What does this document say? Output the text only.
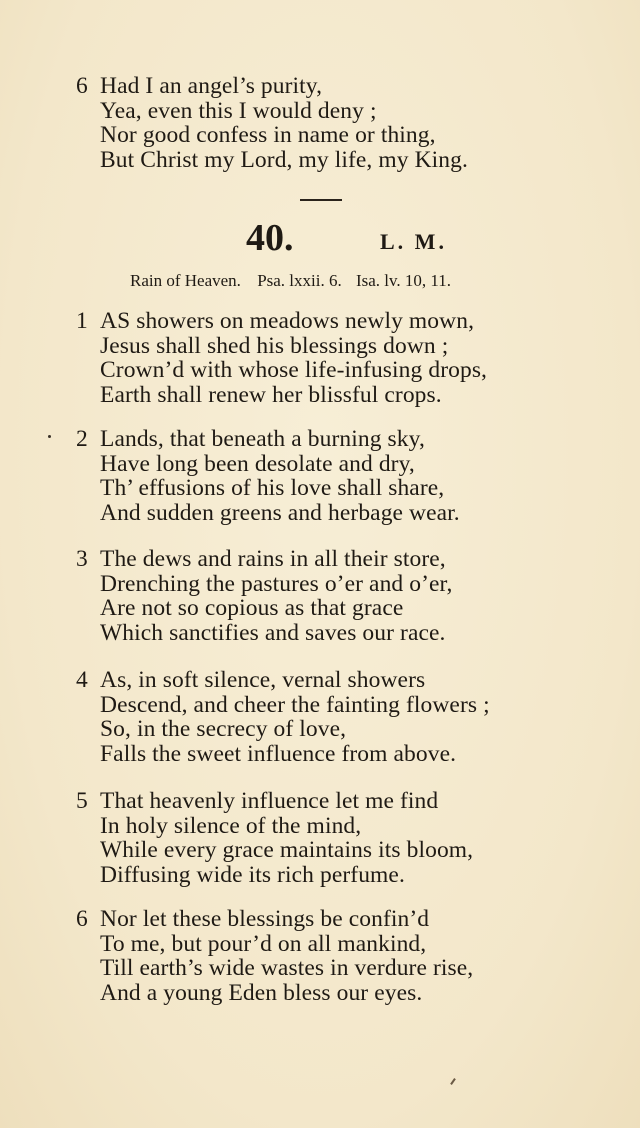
6 Had I an angel’s purity,
Yea, even this I would deny ;
Nor good confess in name or thing,
But Christ my Lord, my life, my King.
40.	L. M.
Rain of Heaven. Psa. lxxii. 6. Isa. lv. 10, 11.
1 AS showers on meadows newly mown,
Jesus shall shed his blessings down ;
Crown’d with whose life-infusing drops,
Earth shall renew her blissful crops.
2 Lands, that beneath a burning sky,
Have long been desolate and dry,
Th’ effusions of his love shall share,
And sudden greens and herbage wear.
3 The dews and rains in all their store,
Drenching the pastures o’er and o’er,
Are not so copious as that grace
Which sanctifies and saves our race.
4 As, in soft silence, vernal showers
Descend, and cheer the fainting flowers ;
So, in the secrecy of love,
Falls the sweet influence from above.
5 That heavenly influence let me find
In holy silence of the mind,
While every grace maintains its bloom,
Diffusing wide its rich perfume.
6 Nor let these blessings be confin’d
To me, but pour’d on all mankind,
Till earth’s wide wastes in verdure rise,
And a young Eden bless our eyes.
